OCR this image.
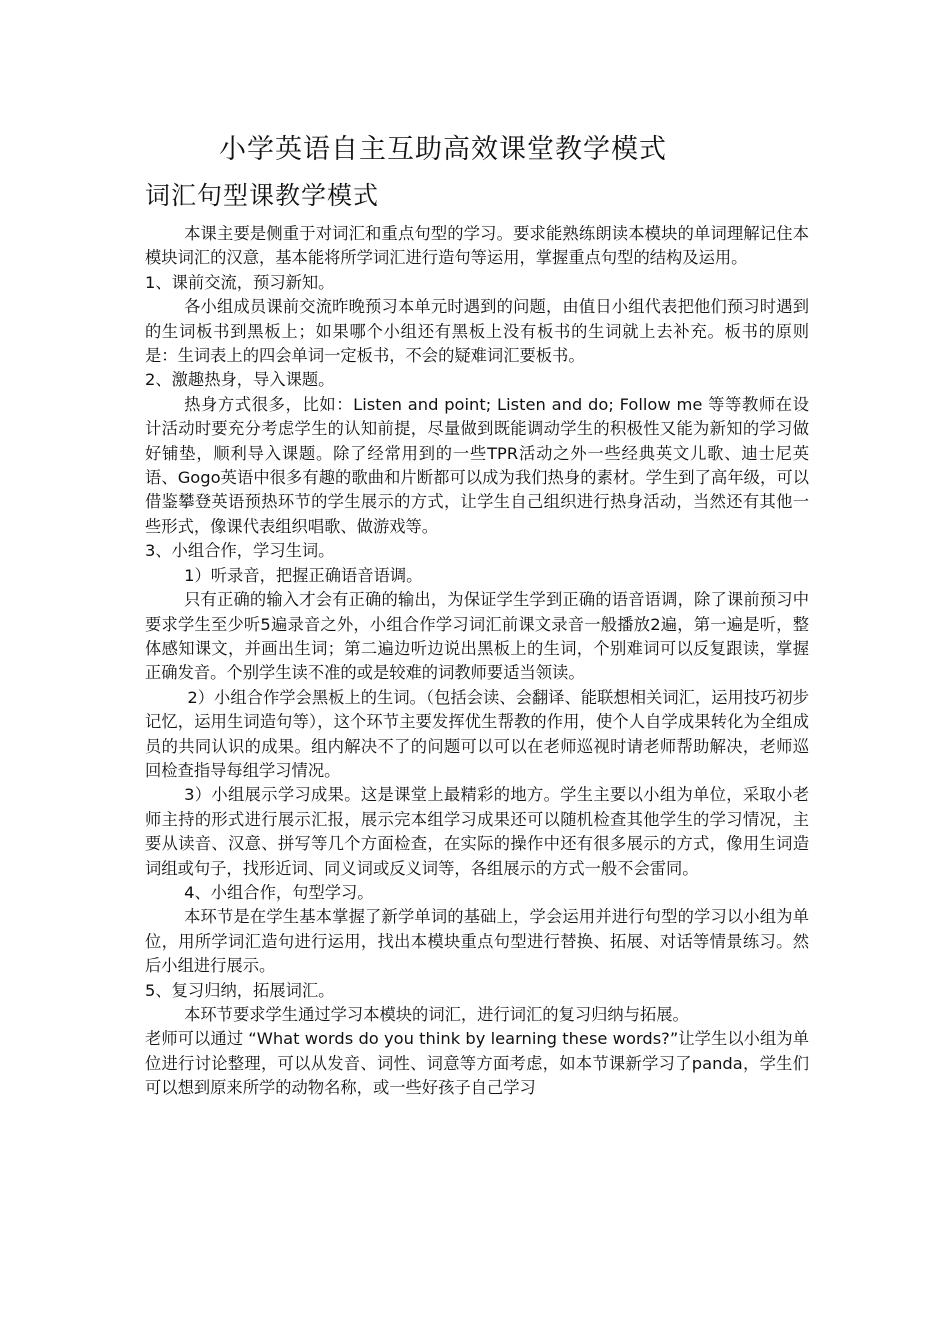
小学英语自主互助高效课堂教学模式
词汇句型课教学模式

本课主要是侧重于对词汇和重点句型的学习。要求能熟练朗读本模块的单词理解记住本模块词汇的汉意，基本能将所学词汇进行造句等运用，掌握重点句型的结构及运用。

1、课前交流，预习新知。

各小组成员课前交流昨晚预习本单元时遇到的问题，由值日小组代表把他们预习时遇到的生词板书到黑板上；如果哪个小组还有黑板上没有板书的生词就上去补充。板书的原则是：生词表上的四会单词一定板书，不会的疑难词汇要板书。

2、激趣热身，导入课题。

热身方式很多，比如：Listen and point; Listen and do; Follow me 等等教师在设计活动时要充分考虑学生的认知前提，尽量做到既能调动学生的积极性又能为新知的学习做好铺垫，顺利导入课题。除了经常用到的一些TPR活动之外一些经典英文儿歌、迪士尼英语、Gogo英语中很多有趣的歌曲和片断都可以成为我们热身的素材。学生到了高年级，可以借鉴攀登英语预热环节的学生展示的方式，让学生自己组织进行热身活动，当然还有其他一些形式，像课代表组织唱歌、做游戏等。

3、小组合作，学习生词。

1）听录音，把握正确语音语调。

只有正确的输入才会有正确的输出，为保证学生学到正确的语音语调，除了课前预习中要求学生至少听5遍录音之外，小组合作学习词汇前课文录音一般播放2遍，第一遍是听，整体感知课文，并画出生词；第二遍边听边说出黑板上的生词，个别难词可以反复跟读，掌握正确发音。个别学生读不准的或是较难的词教师要适当领读。

2）小组合作学会黑板上的生词。（包括会读、会翻译、能联想相关词汇，运用技巧初步记忆，运用生词造句等），这个环节主要发挥优生帮教的作用，使个人自学成果转化为全组成员的共同认识的成果。组内解决不了的问题可以可以在老师巡视时请老师帮助解决，老师巡回检查指导每组学习情况。

3）小组展示学习成果。这是课堂上最精彩的地方。学生主要以小组为单位，采取小老师主持的形式进行展示汇报，展示完本组学习成果还可以随机检查其他学生的学习情况，主要从读音、汉意、拼写等几个方面检查，在实际的操作中还有很多展示的方式，像用生词造词组或句子，找形近词、同义词或反义词等，各组展示的方式一般不会雷同。

4、小组合作，句型学习。

本环节是在学生基本掌握了新学单词的基础上，学会运用并进行句型的学习以小组为单位，用所学词汇造句进行运用，找出本模块重点句型进行替换、拓展、对话等情景练习。然后小组进行展示。

5、复习归纳，拓展词汇。

本环节要求学生通过学习本模块的词汇，进行词汇的复习归纳与拓展。

老师可以通过 “What words do you think by learning these words?”让学生以小组为单位进行讨论整理，可以从发音、词性、词意等方面考虑，如本节课新学习了panda，学生们可以想到原来所学的动物名称，或一些好孩子自己学习
